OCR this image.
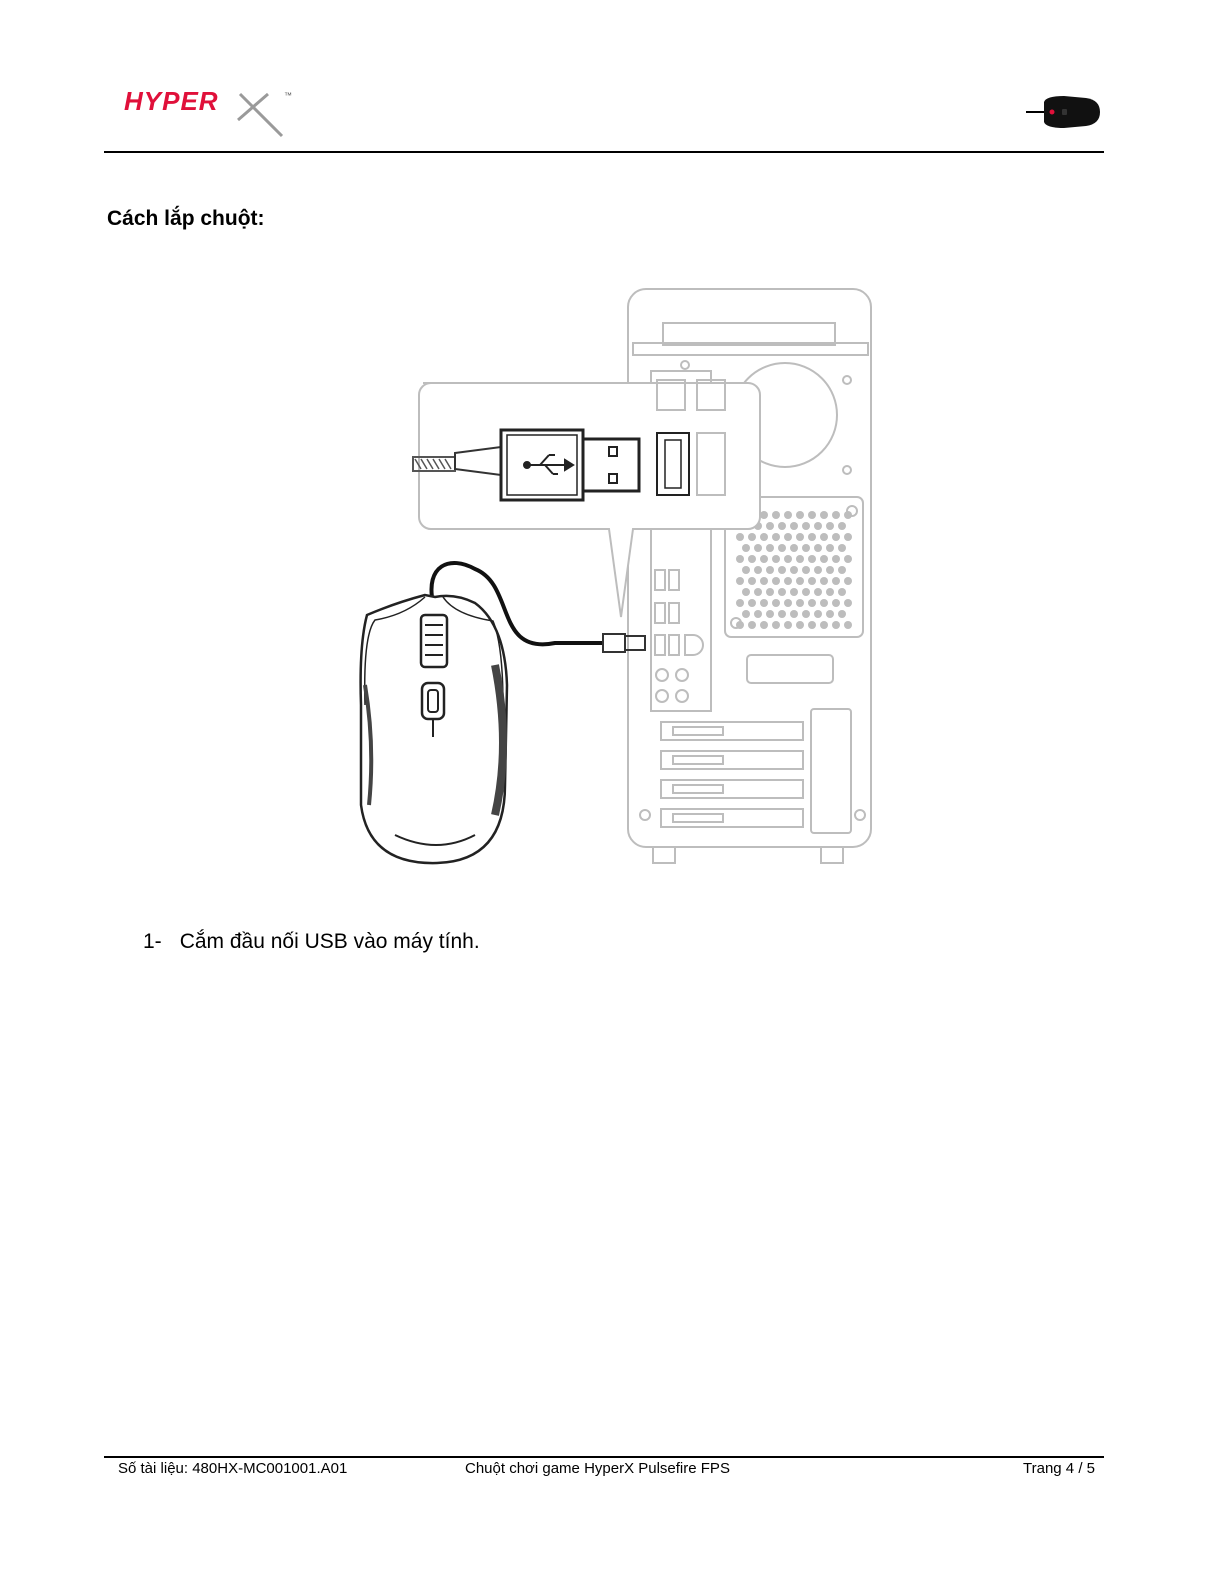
HYPER	™
Cách lắp chuột:
1- Cắm đầu nối USB vào máy tính.
Số tài liệu: 480HX-MC001001.A01	Chuột chơi game HyperX Pulsefire FPS	Trang 4 / 5
